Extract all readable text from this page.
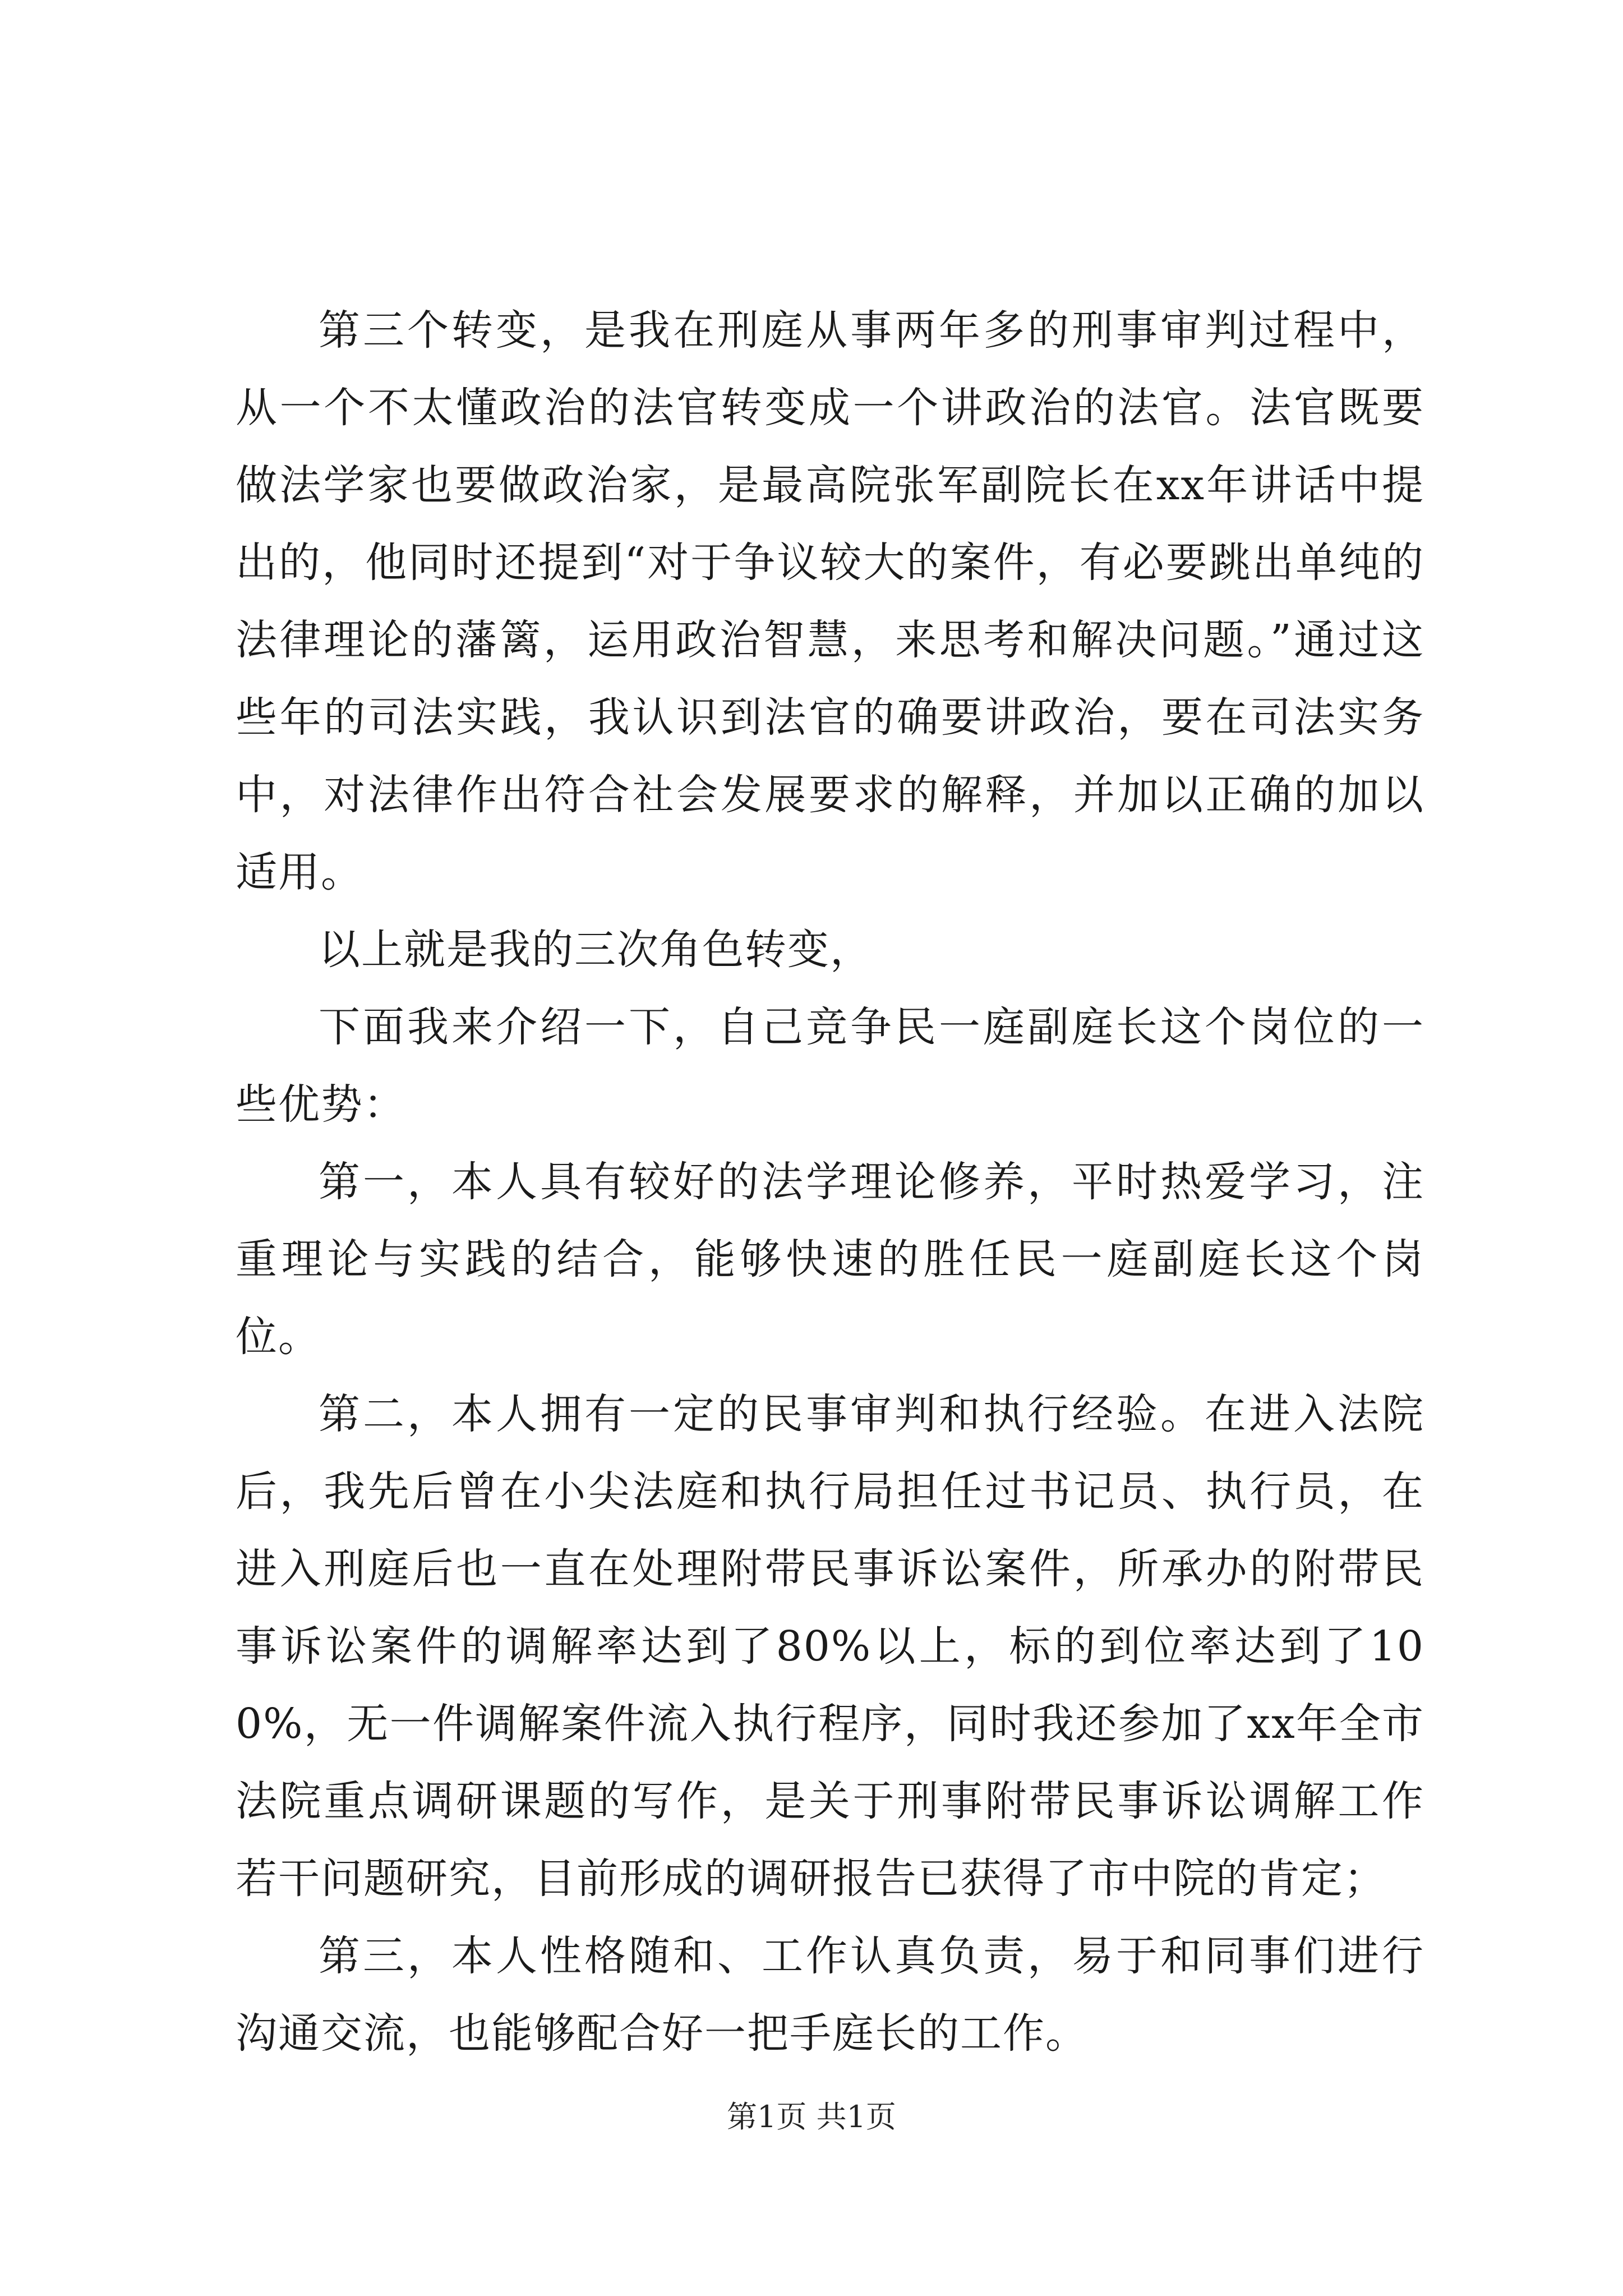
第三个转变，是我在刑庭从事两年多的刑事审判过程中，从一个不太懂政治的法官转变成一个讲政治的法官。法官既要做法学家也要做政治家，是最高院张军副院长在xx年讲话中提出的，他同时还提到“对于争议较大的案件，有必要跳出单纯的法律理论的藩篱，运用政治智慧，来思考和解决问题。”通过这些年的司法实践，我认识到法官的确要讲政治，要在司法实务中，对法律作出符合社会发展要求的解释，并加以正确的加以适用。

以上就是我的三次角色转变，

下面我来介绍一下，自己竞争民一庭副庭长这个岗位的一些优势：

第一，本人具有较好的法学理论修养，平时热爱学习，注重理论与实践的结合，能够快速的胜任民一庭副庭长这个岗位。

第二，本人拥有一定的民事审判和执行经验。在进入法院后，我先后曾在小尖法庭和执行局担任过书记员、执行员，在进入刑庭后也一直在处理附带民事诉讼案件，所承办的附带民事诉讼案件的调解率达到了80%以上，标的到位率达到了100%，无一件调解案件流入执行程序，同时我还参加了xx年全市法院重点调研课题的写作，是关于刑事附带民事诉讼调解工作若干问题研究，目前形成的调研报告已获得了市中院的肯定；

第三，本人性格随和、工作认真负责，易于和同事们进行沟通交流，也能够配合好一把手庭长的工作。

第1页 共1页
